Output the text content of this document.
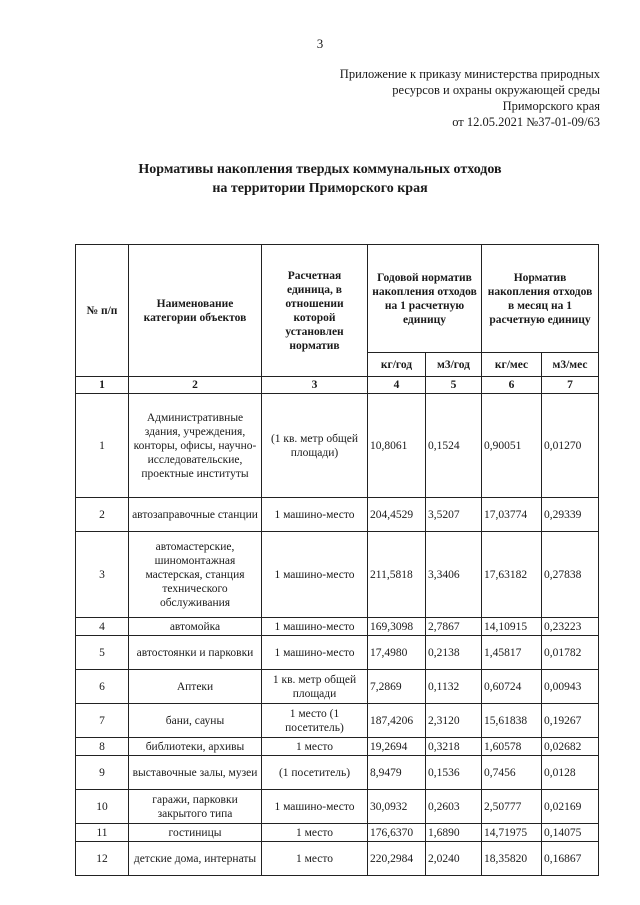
3
Приложение к приказу министерства природных
ресурсов и охраны окружающей среды
Приморского края
от 12.05.2021 №37-01-09/63
Нормативы накопления твердых коммунальных отходов
на территории Приморского края
№ п/п	Наименование категории объектов	Расчетная единица, в отношении которой установлен норматив	Годовой норматив накопления отходов на 1 расчетную единицу		Норматив накопления отходов в месяц на 1 расчетную единицу	
			кг/год	м3/год	кг/мес	м3/мес
1	2	3	4	5	6	7
1	Административные здания, учреждения, конторы, офисы, научно-исследовательские, проектные институты	(1 кв. метр общей площади)	10,8061	0,1524	0,90051	0,01270
2	автозаправочные станции	1 машино-место	204,4529	3,5207	17,03774	0,29339
3	автомастерские, шиномонтажная мастерская, станция технического обслуживания	1 машино-место	211,5818	3,3406	17,63182	0,27838
4	автомойка	1 машино-место	169,3098	2,7867	14,10915	0,23223
5	автостоянки и парковки	1 машино-место	17,4980	0,2138	1,45817	0,01782
6	Аптеки	1 кв. метр общей площади	7,2869	0,1132	0,60724	0,00943
7	бани, сауны	1 место (1 посетитель)	187,4206	2,3120	15,61838	0,19267
8	библиотеки, архивы	1 место	19,2694	0,3218	1,60578	0,02682
9	выставочные залы, музеи	(1 посетитель)	8,9479	0,1536	0,7456	0,0128
10	гаражи, парковки закрытого типа	1 машино-место	30,0932	0,2603	2,50777	0,02169
11	гостиницы	1 место	176,6370	1,6890	14,71975	0,14075
12	детские дома, интернаты	1 место	220,2984	2,0240	18,35820	0,16867
